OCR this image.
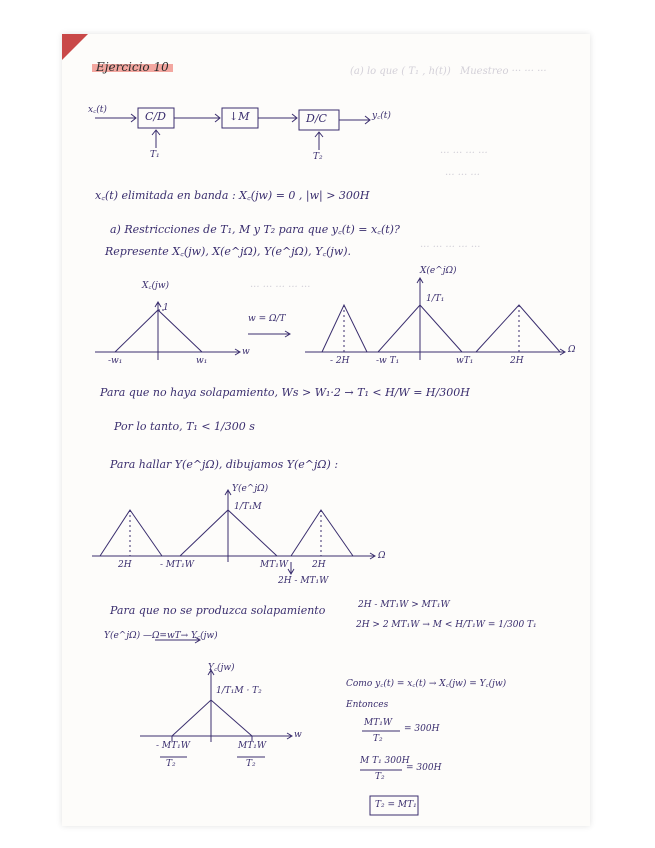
(a) lo que ( T₁ , h(t)) Muestreo ··· ··· ···
··· ··· ··· ···
··· ··· ···
··· ··· ··· ··· ···
··· ··· ··· ··· ···
Ejercicio 10
x꜀(t)	C/D	↓M	D/C	y꜀(t)
T₁	T₂
x꜀(t) elimitada en banda : X꜀(jw) = 0 , |w| > 300H
a) Restricciones de T₁, M y T₂ para que y꜀(t) = x꜀(t)?
Represente X꜀(jw), X(e^jΩ), Y(e^jΩ), Y꜀(jw).
X꜀(jw)
1
-w₁	w₁
w
w = Ω/T
X(e^jΩ)
1/T₁
- 2H	-w T₁	wT₁	2H
Ω
Para que no haya solapamiento, Ws > W₁·2 → T₁ < H/W = H/300H
Por lo tanto, T₁ < 1/300 s
Para hallar Y(e^jΩ), dibujamos Y(e^jΩ) :
Y(e^jΩ)
1/T₁M
2H	- MT₁W	MT₁W	2H
2H - MT₁W
Ω
Para que no se produzca solapamiento	2H - MT₁W > MT₁W
2H > 2 MT₁W → M < H/T₁W = 1/300 T₁
Y(e^jΩ) —Ω=wT→ Y꜀(jw)
Y꜀(jw)
1/T₁M · T₂
- MT₁W
T₂
MT₁W
T₂
w
Como y꜀(t) = x꜀(t) → X꜀(jw) = Y꜀(jw)
Entonces
MT₁W
T₂
= 300H
M T₁ 300H
T₂
= 300H
T₂ = MT₁
